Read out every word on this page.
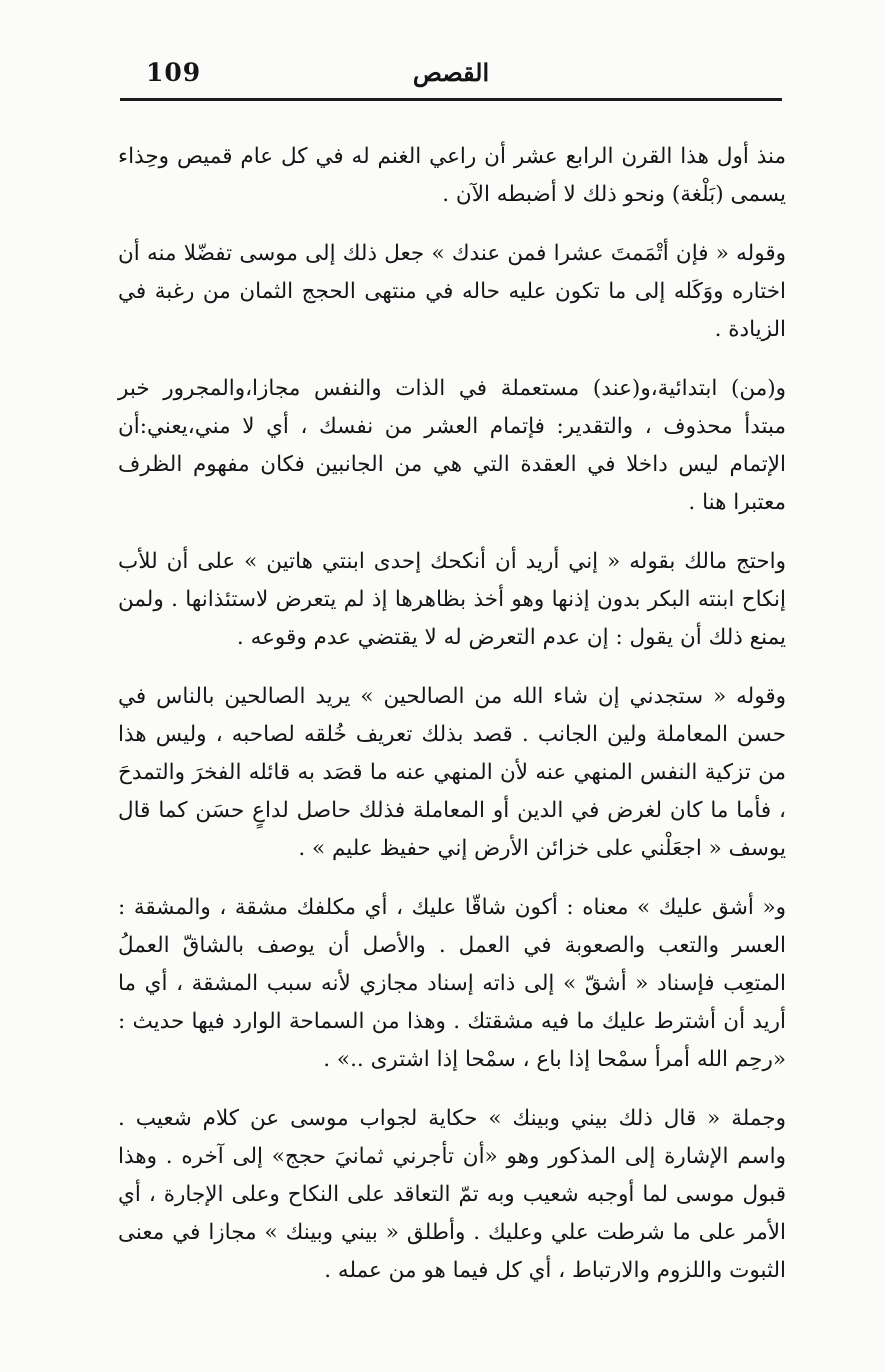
109	القصص

منذ أول هذا القرن الرابع عشر أن راعي الغنم له في كل عام قميص وحِذاء يسمى (بَلْغة) ونحو ذلك لا أضبطه الآن .

وقوله « فإن أتْمَمتَ عشرا فمن عندك » جعل ذلك إلى موسى تفضّلا منه أن اختاره ووَكَله إلى ما تكون عليه حاله في منتهى الحجج الثمان من رغبة في الزيادة .

و(من) ابتدائية،و(عند) مستعملة في الذات والنفس مجازا،والمجرور خبر مبتدأ محذوف ، والتقدير: فإتمام العشر من نفسك ، أي لا مني،يعني:أن الإتمام ليس داخلا في العقدة التي هي من الجانبين فكان مفهوم الظرف معتبرا هنا .

واحتج مالك بقوله « إني أريد أن أنكحك إحدى ابنتي هاتين » على أن للأب إنكاح ابنته البكر بدون إذنها وهو أخذ بظاهرها إذ لم يتعرض لاستئذانها . ولمن يمنع ذلك أن يقول : إن عدم التعرض له لا يقتضي عدم وقوعه .

وقوله « ستجدني إن شاء الله من الصالحين » يريد الصالحين بالناس في حسن المعاملة ولين الجانب . قصد بذلك تعريف خُلقه لصاحبه ، وليس هذا من تزكية النفس المنهي عنه لأن المنهي عنه ما قصَد به قائله الفخرَ والتمدحَ ، فأما ما كان لغرض في الدين أو المعاملة فذلك حاصل لداعٍ حسَن كما قال يوسف « اجعَلْني على خزائن الأرض إني حفيظ عليم » .

و« أشق عليك » معناه : أكون شاقّا عليك ، أي مكلفك مشقة ، والمشقة : العسر والتعب والصعوبة في العمل . والأصل أن يوصف بالشاقّ العملُ المتعِب فإسناد « أشقّ » إلى ذاته إسناد مجازي لأنه سبب المشقة ، أي ما أريد أن أشترط عليك ما فيه مشقتك . وهذا من السماحة الوارد فيها حديث : «رحِم الله أمرأ سمْحا إذا باع ، سمْحا إذا اشترى ..» .

وجملة « قال ذلك بيني وبينك » حكاية لجواب موسى عن كلام شعيب . واسم الإشارة إلى المذكور وهو «أن تأجرني ثمانيَ حجج» إلى آخره . وهذا قبول موسى لما أوجبه شعيب وبه تمّ التعاقد على النكاح وعلى الإجارة ، أي الأمر على ما شرطت علي وعليك . وأطلق « بيني وبينك » مجازا في معنى الثبوت واللزوم والارتباط ، أي كل فيما هو من عمله .
